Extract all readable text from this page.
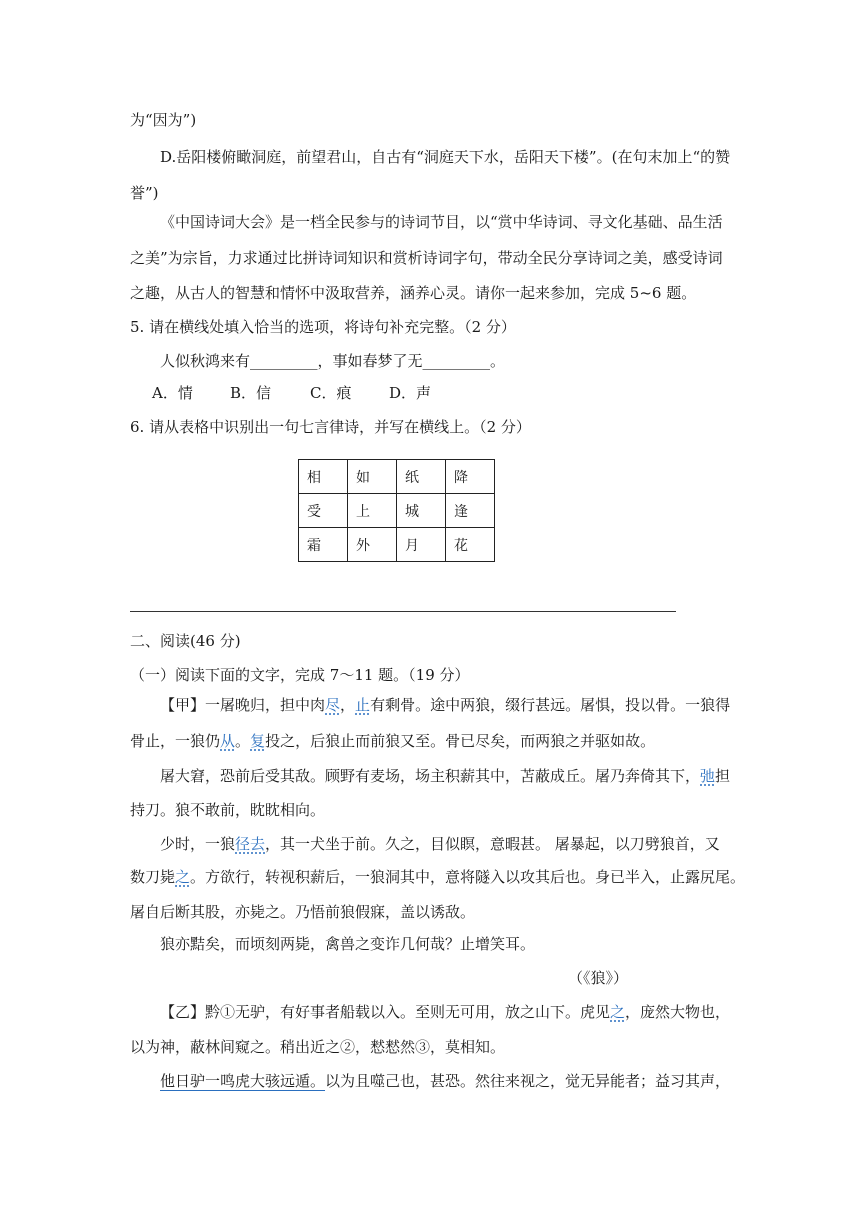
为“因为”)
D.岳阳楼俯瞰洞庭，前望君山，自古有“洞庭天下水，岳阳天下楼”。(在句末加上“的赞
誉”)
《中国诗词大会》是一档全民参与的诗词节目，以“赏中华诗词、寻文化基础、品生活
之美”为宗旨，力求通过比拼诗词知识和赏析诗词字句，带动全民分享诗词之美，感受诗词
之趣，从古人的智慧和情怀中汲取营养，涵养心灵。请你一起来参加，完成 5~6 题。
5. 请在横线处填入恰当的选项，将诗句补充完整。（2 分）
人似秋鸿来有_________，事如春梦了无_________。
A．情 B．信	C．痕	D．声
6. 请从表格中识别出一句七言律诗，并写在横线上。（2 分）
相	如	纸	降
受	上	城	逢
霜	外	月	花
二、阅读(46 分)
（一）阅读下面的文字，完成 7～11 题。（19 分）
【甲】一屠晚归，担中肉尽，止有剩骨。途中两狼，缀行甚远。屠惧，投以骨。一狼得
骨止，一狼仍从。复投之，后狼止而前狼又至。骨已尽矣，而两狼之并驱如故。
屠大窘，恐前后受其敌。顾野有麦场，场主积薪其中，苫蔽成丘。屠乃奔倚其下，弛担
持刀。狼不敢前，眈眈相向。
少时，一狼径去，其一犬坐于前。久之，目似瞑，意暇甚。 屠暴起，以刀劈狼首，又
数刀毙之。方欲行，转视积薪后，一狼洞其中，意将隧入以攻其后也。身已半入，止露尻尾。
屠自后断其股，亦毙之。乃悟前狼假寐，盖以诱敌。
狼亦黠矣，而顷刻两毙，禽兽之变诈几何哉？止增笑耳。
（《狼》）
【乙】黔①无驴，有好事者船载以入。至则无可用，放之山下。虎见之，庞然大物也，
以为神，蔽林间窥之。稍出近之②，慭慭然③，莫相知。
他日驴一鸣虎大骇远遁。以为且噬己也，甚恐。然往来视之，觉无异能者；益习其声，
